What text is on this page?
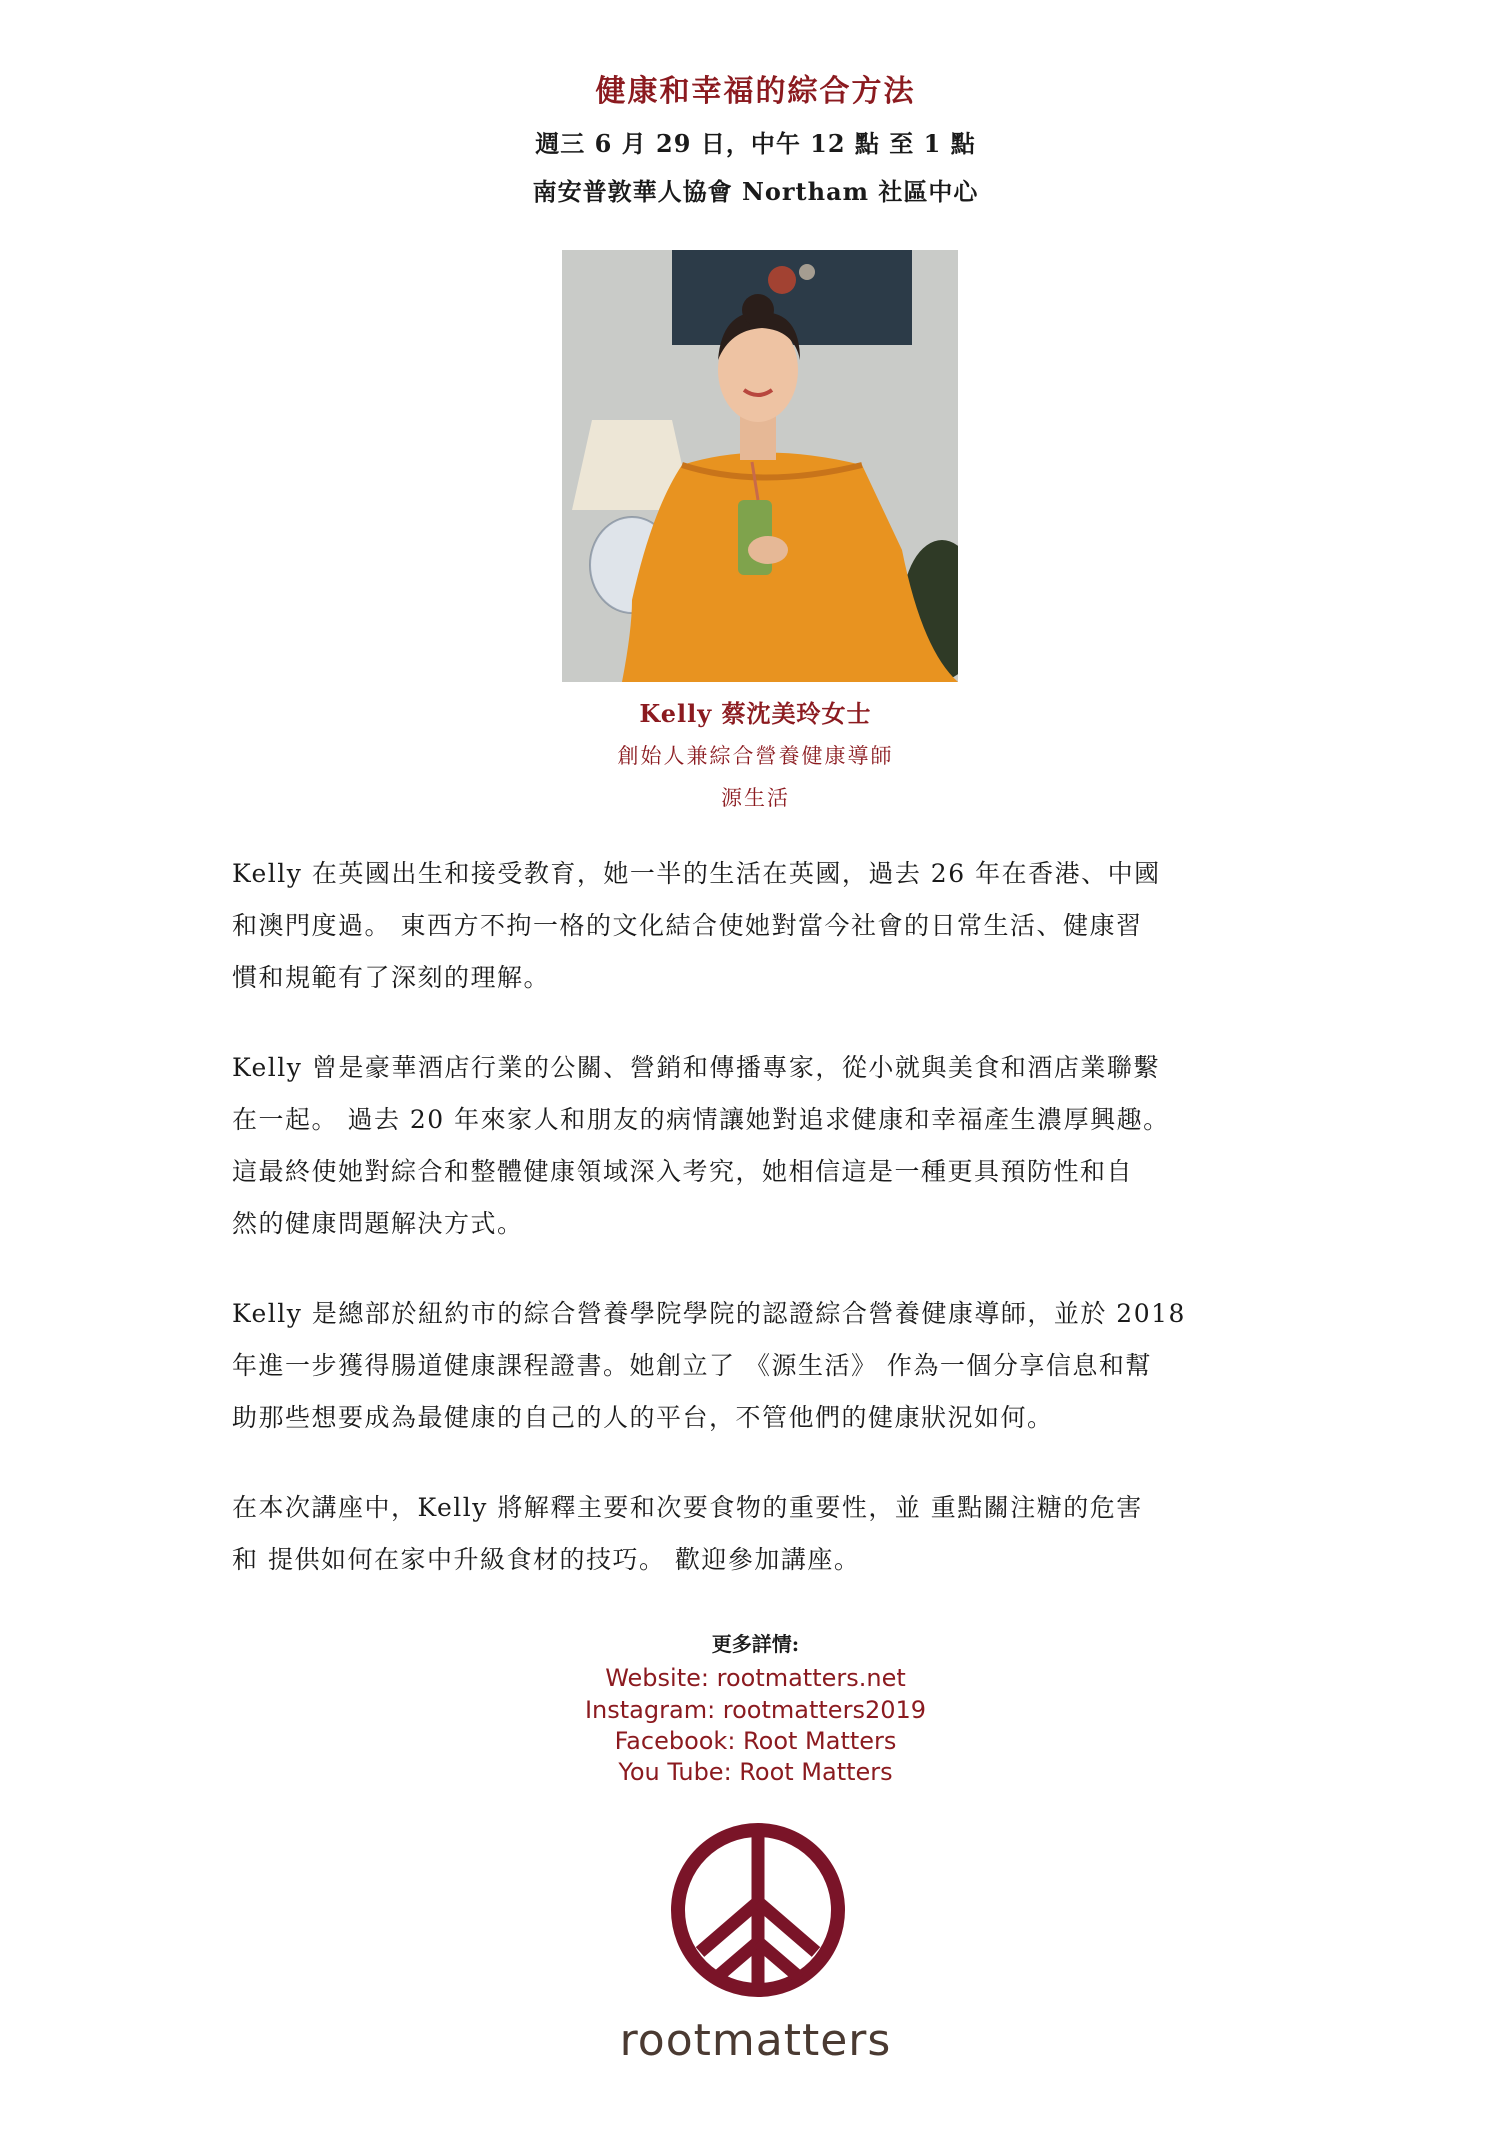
健康和幸福的綜合方法
週三 6 月 29 日，中午 12 點 至 1 點
南安普敦華人協會 Northam 社區中心
Kelly 蔡沈美玲女士
創始人兼綜合營養健康導師
源生活
Kelly 在英國出生和接受教育，她一半的生活在英國，過去 26 年在香港、中國
和澳門度過。 東西方不拘一格的文化結合使她對當今社會的日常生活、健康習
慣和規範有了深刻的理解。
Kelly 曾是豪華酒店行業的公關、營銷和傳播專家，從小就與美食和酒店業聯繫
在一起。 過去 20 年來家人和朋友的病情讓她對追求健康和幸福產生濃厚興趣。
這最終使她對綜合和整體健康領域深入考究，她相信這是一種更具預防性和自
然的健康問題解決方式。
Kelly 是總部於紐約市的綜合營養學院學院的認證綜合營養健康導師，並於 2018
年進一步獲得腸道健康課程證書。她創立了 《源生活》 作為一個分享信息和幫
助那些想要成為最健康的自己的人的平台，不管他們的健康狀況如何。
在本次講座中，Kelly 將解釋主要和次要食物的重要性，並 重點關注糖的危害
和 提供如何在家中升級食材的技巧。 歡迎參加講座。
更多詳情:
Website: rootmatters.net
Instagram: rootmatters2019
Facebook: Root Matters
You Tube: Root Matters
rootmatters
